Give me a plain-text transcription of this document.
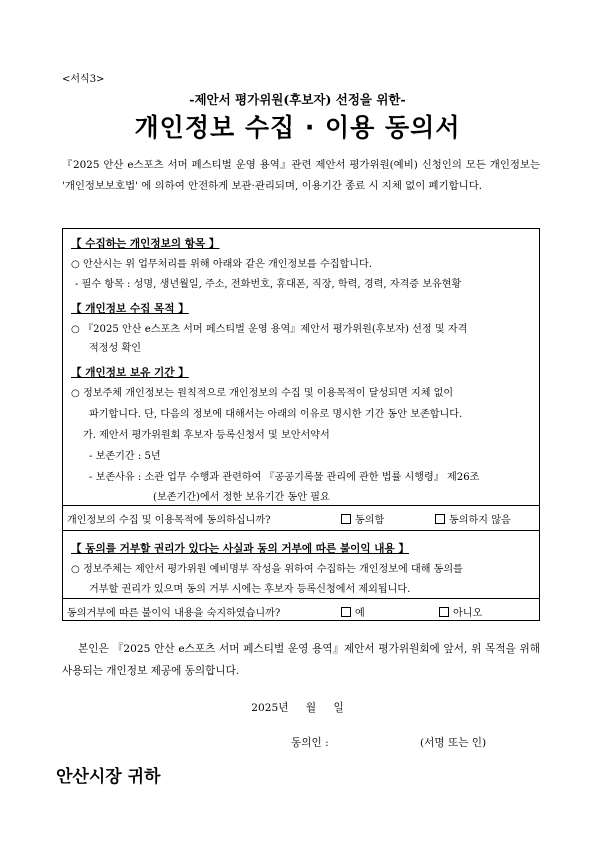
<서식3>
-제안서 평가위원(후보자) 선정을 위한-
개인정보 수집 · 이용 동의서
『2025 안산 e스포츠 서머 페스티벌 운영 용역』관련 제안서 평가위원(예비) 신청인의 모든 개인정보는 '개인정보보호법' 에 의하여 안전하게 보관·관리되며, 이용기간 종료 시 지체 없이 폐기합니다.
【 수집하는 개인정보의 항목 】
○ 안산시는 위 업무처리를 위해 아래와 같은 개인정보를 수집합니다.
- 필수 항목 : 성명, 생년월일, 주소, 전화번호, 휴대폰, 직장, 학력, 경력, 자격증 보유현황
【 개인정보 수집 목적 】
○ 『2025 안산 e스포츠 서머 페스티벌 운영 용역』제안서 평가위원(후보자) 선정 및 자격
적정성 확인
【 개인정보 보유 기간 】
○ 정보주체 개인정보는 원칙적으로 개인정보의 수집 및 이용목적이 달성되면 지체 없이
파기합니다. 단, 다음의 정보에 대해서는 아래의 이유로 명시한 기간 동안 보존합니다.
가. 제안서 평가위원회 후보자 등록신청서 및 보안서약서
- 보존기간 : 5년
- 보존사유 : 소관 업무 수행과 관련하여 『공공기록물 관리에 관한 법률 시행령』 제26조
(보존기간)에서 정한 보유기간 동안 필요
개인정보의 수집 및 이용목적에 동의하십니까?	동의함	동의하지 않음
【 동의를 거부할 권리가 있다는 사실과 동의 거부에 따른 불이익 내용 】
○ 정보주체는 제안서 평가위원 예비명부 작성을 위하여 수집하는 개인정보에 대해 동의를
거부할 권리가 있으며 동의 거부 시에는 후보자 등록신청에서 제외됩니다.
동의거부에 따른 불이익 내용을 숙지하였습니까?	예	아니오
본인은 『2025 안산 e스포츠 서머 페스티벌 운영 용역』제안서 평가위원회에 앞서, 위 목적을 위해 사용되는 개인정보 제공에 동의합니다.
2025년 월 일
동의인 :	(서명 또는 인)
안산시장 귀하
